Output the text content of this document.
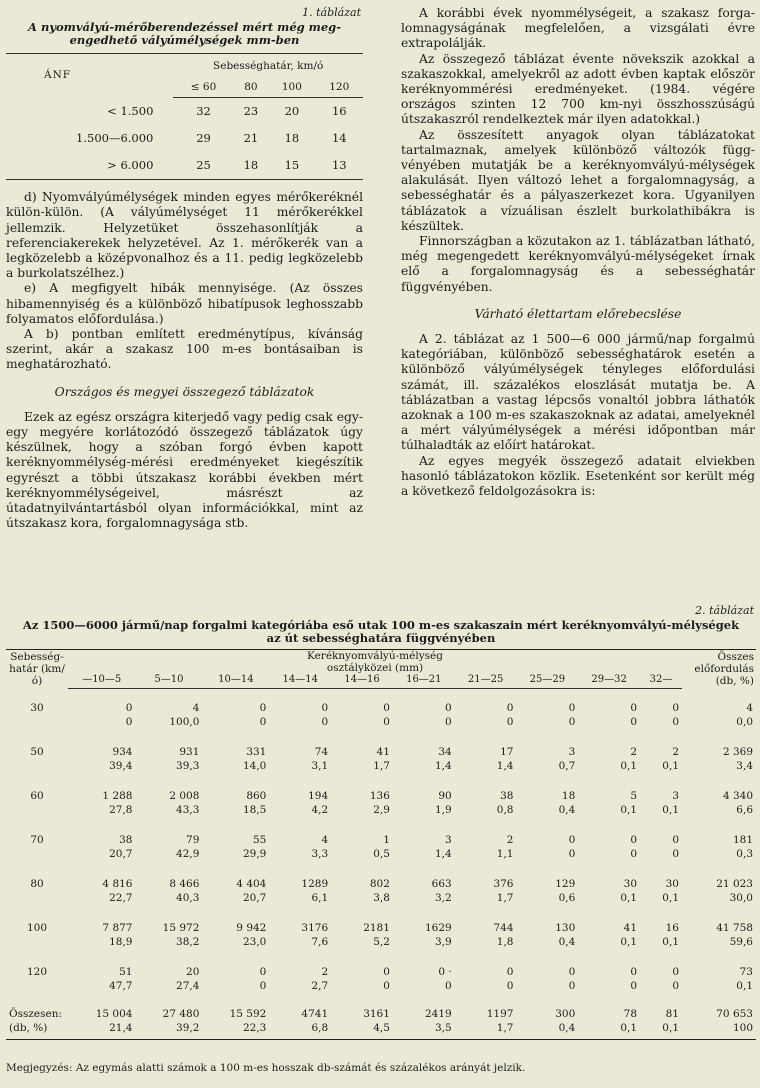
1. táblázat
A nyomvályú-mérőberendezéssel mért még meg-
engedhető vályúmélységek mm-ben
ÁNF	Sebességhatár, km/ó			
	≤ 60	80	100	120
< 1.500	32	23	20	16
1.500—6.000	29	21	18	14
> 6.000	25	18	15	13

d) Nyomvályúmélységek minden egyes mérőkeréknél külön-külön. (A vályúmélységet 11 mérőkerékkel jellemzik. Helyzetüket összehasonlítják a referenciakerekek helyzetével. Az 1. mérőkerék van a legközelebb a középvonalhoz és a 11. pedig legközelebb a burkolatszélhez.)

e) A megfigyelt hibák mennyisége. (Az összes hibamennyiség és a különböző hibatípusok leghosszabb folyamatos előfordulása.)

A b) pontban említett eredménytípus, kívánság szerint, akár a szakasz 100 m-es bontásaiban is meghatározható.

Országos és megyei összegező táblázatok

Ezek az egész országra kiterjedő vagy pedig csak egy-egy megyére korlátozódó összegező táblázatok úgy készülnek, hogy a szóban forgó évben kapott keréknyommélység-mérési eredményeket kiegészítik egyrészt a többi útszakasz korábbi években mért keréknyommélységeivel, másrészt az útadatnyilvántartásból olyan információkkal, mint az útszakasz kora, forgalomnagysága stb.

A korábbi évek nyommélységeit, a szakasz forgalomnagyságának megfelelően, a vizsgálati évre extrapolálják.

Az összegező táblázat évente növekszik azokkal a szakaszokkal, amelyekről az adott évben kaptak először keréknyommérési eredményeket. (1984. végére országos szinten 12 700 km-nyi összhosszúságú útszakaszról rendelkeztek már ilyen adatokkal.)

Az összesített anyagok olyan táblázatokat tartalmaznak, amelyek különböző változók függvényében mutatják be a keréknyomvályú-mélységek alakulását. Ilyen változó lehet a forgalomnagyság, a sebességhatár és a pályaszerkezet kora. Ugyanilyen táblázatok a vízuálisan észlelt burkolathibákra is készültek.

Finnországban a közutakon az 1. táblázatban látható, még megengedett keréknyomvályú-mélységeket írnak elő a forgalomnagyság és a sebességhatár függvényében.

Várható élettartam előrebecslése

A 2. táblázat az 1 500—6 000 jármű/nap forgalmú kategóriában, különböző sebességhatárok esetén a különböző vályúmélységek tényleges előfordulási számát, ill. százalékos eloszlását mutatja be. A táblázatban a vastag lépcsős vonaltól jobbra láthatók azoknak a 100 m-es szakaszoknak az adatai, amelyeknél a mért vályúmélységek a mérési időpontban már túlhaladták az előírt határokat.

Az egyes megyék összegező adatait elviekben hasonló táblázatokon közlik. Esetenként sor került még a következő feldolgozásokra is:

2. táblázat
Az 1500—6000 jármű/nap forgalmi kategóriába eső utak 100 m-es szakaszain mért keréknyomvályú-mélységek
az út sebességhatára függvényében
Sebesség-határ (km/ó)	Keréknyomvályú-mélység
osztályközei (mm)										Összes előfordulás (db, %)
	—10—5	5—10	10—14	14—14	14—16	16—21	21—25	25—29	29—32	32—	
30	0	4	0	0	0	0	0	0	0	0	4
	0	100,0	0	0	0	0	0	0	0	0	0,0
50	934	931	331	74	41	34	17	3	2	2	2 369
	39,4	39,3	14,0	3,1	1,7	1,4	1,4	0,7	0,1	0,1	3,4
60	1 288	2 008	860	194	136	90	38	18	5	3	4 340
	27,8	43,3	18,5	4,2	2,9	1,9	0,8	0,4	0,1	0,1	6,6
70	38	79	55	4	1	3	2	0	0	0	181
	20,7	42,9	29,9	3,3	0,5	1,4	1,1	0	0	0	0,3
80	4 816	8 466	4 404	1289	802	663	376	129	30	30	21 023
	22,7	40,3	20,7	6,1	3,8	3,2	1,7	0,6	0,1	0,1	30,0
100	7 877	15 972	9 942	3176	2181	1629	744	130	41	16	41 758
	18,9	38,2	23,0	7,6	5,2	3,9	1,8	0,4	0,1	0,1	59,6
120	51	20	0	2	0	0 ·	0	0	0	0	73
	47,7	27,4	0	2,7	0	0	0	0	0	0	0,1
Összesen:	15 004	27 480	15 592	4741	3161	2419	1197	300	78	81	70 653
(db, %)	21,4	39,2	22,3	6,8	4,5	3,5	1,7	0,4	0,1	0,1	100
Megjegyzés: Az egymás alatti számok a 100 m-es hosszak db-számát és százalékos arányát jelzik.
